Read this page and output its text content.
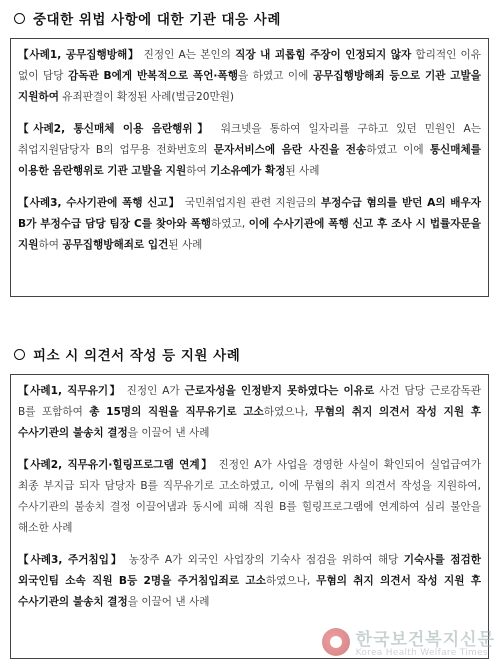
중대한 위법 사항에 대한 기관 대응 사례
【사례1, 공무집행방해】 진정인 A는 본인의 직장 내 괴롭힘 주장이 인정되지 않자 합리적인 이유 없이 담당 감독관 B에게 반복적으로 폭언·폭행을 하였고 이에 공무집행방해죄 등으로 기관 고발을 지원하여 유죄판결이 확정된 사례(벌금20만원)
【사례2, 통신매체 이용 음란행위】 워크넷을 통하여 일자리를 구하고 있던 민원인 A는 취업지원담당자 B의 업무용 전화번호의 문자서비스에 음란 사진을 전송하였고 이에 통신매체를 이용한 음란행위로 기관 고발을 지원하여 기소유예가 확정된 사례
【사례3, 수사기관에 폭행 신고】 국민취업지원 관련 지원금의 부정수급 혐의를 받던 A의 배우자 B가 부정수급 담당 팀장 C를 찾아와 폭행하였고, 이에 수사기관에 폭행 신고 후 조사 시 법률자문을 지원하여 공무집행방해죄로 입건된 사례
피소 시 의견서 작성 등 지원 사례
【사례1, 직무유기】 진정인 A가 근로자성을 인정받지 못하였다는 이유로 사건 담당 근로감독관 B를 포함하여 총 15명의 직원을 직무유기로 고소하였으나, 무혐의 취지 의견서 작성 지원 후 수사기관의 불송치 결정을 이끌어 낸 사례
【사례2, 직무유기·힐링프로그램 연계】 진정인 A가 사업을 경영한 사실이 확인되어 실업급여가 최종 부지급 되자 담당자 B를 직무유기로 고소하였고, 이에 무혐의 취지 의견서 작성을 지원하여, 수사기관의 불송치 결정 이끌어냄과 동시에 피해 직원 B를 힐링프로그램에 연계하여 심리 불안을 해소한 사례
【사례3, 주거침입】 농장주 A가 외국인 사업장의 기숙사 점검을 위하여 해당 기숙사를 점검한 외국인팀 소속 직원 B등 2명을 주거침입죄로 고소하였으나, 무혐의 취지 의견서 작성 지원 후 수사기관의 불송치 결정을 이끌어 낸 사례
한국보건복지신문
Korea Health Welfare Times
